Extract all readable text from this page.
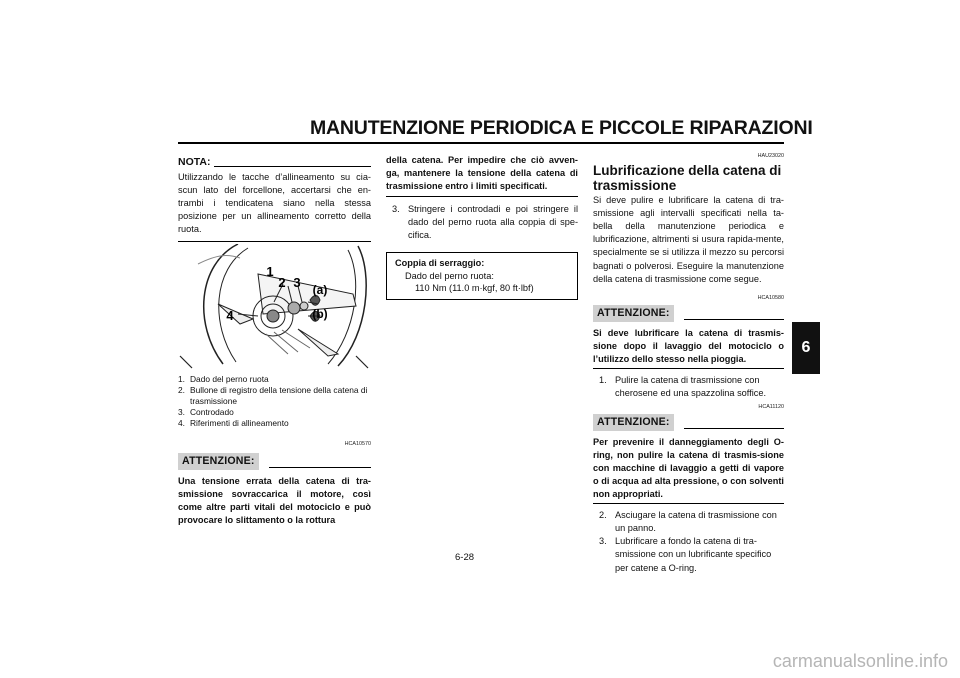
MANUTENZIONE PERIODICA E PICCOLE RIPARAZIONI
6
NOTA:
Utilizzando le tacche d’allineamento su cia-scun lato del forcellone, accertarsi che en-trambi i tendicatena siano nella stessa posizione per un allineamento corretto della ruota.
1
2 3
4
(a)
(b)
1. Dado del perno ruota
2. Bullone di registro della tensione della catena di trasmissione
3. Controdado
4. Riferimenti di allineamento
HCA10570
ATTENZIONE:
Una tensione errata della catena di tra-smissione sovraccarica il motore, così come altre parti vitali del motociclo e può provocare lo slittamento o la rottura
della catena. Per impedire che ciò avven-ga, mantenere la tensione della catena di trasmissione entro i limiti specificati.
3. Stringere i controdadi e poi stringere il dado del perno ruota alla coppia di spe-cifica.
Coppia di serraggio:
Dado del perno ruota:
110 Nm (11.0 m·kgf, 80 ft·lbf)
HAU23020
Lubrificazione della catena di
trasmissione
Si deve pulire e lubrificare la catena di tra-smissione agli intervalli specificati nella ta-bella della manutenzione periodica e lubrificazione, altrimenti si usura rapida-mente, specialmente se si utilizza il mezzo su percorsi bagnati o polverosi. Eseguire la manutenzione della catena di trasmissione come segue.
HCA10580
ATTENZIONE:
Si deve lubrificare la catena di trasmis-sione dopo il lavaggio del motociclo o l’utilizzo dello stesso nella pioggia.
1. Pulire la catena di trasmissione con cherosene ed una spazzolina soffice.
HCA11120
ATTENZIONE:
Per prevenire il danneggiamento degli O-ring, non pulire la catena di trasmis-sione con macchine di lavaggio a getti di vapore o di acqua ad alta pressione, o con solventi non appropriati.
2. Asciugare la catena di trasmissione con un panno.
3. Lubrificare a fondo la catena di tra-smissione con un lubrificante specifico per catene a O-ring.
6-28
carmanualsonline.info
